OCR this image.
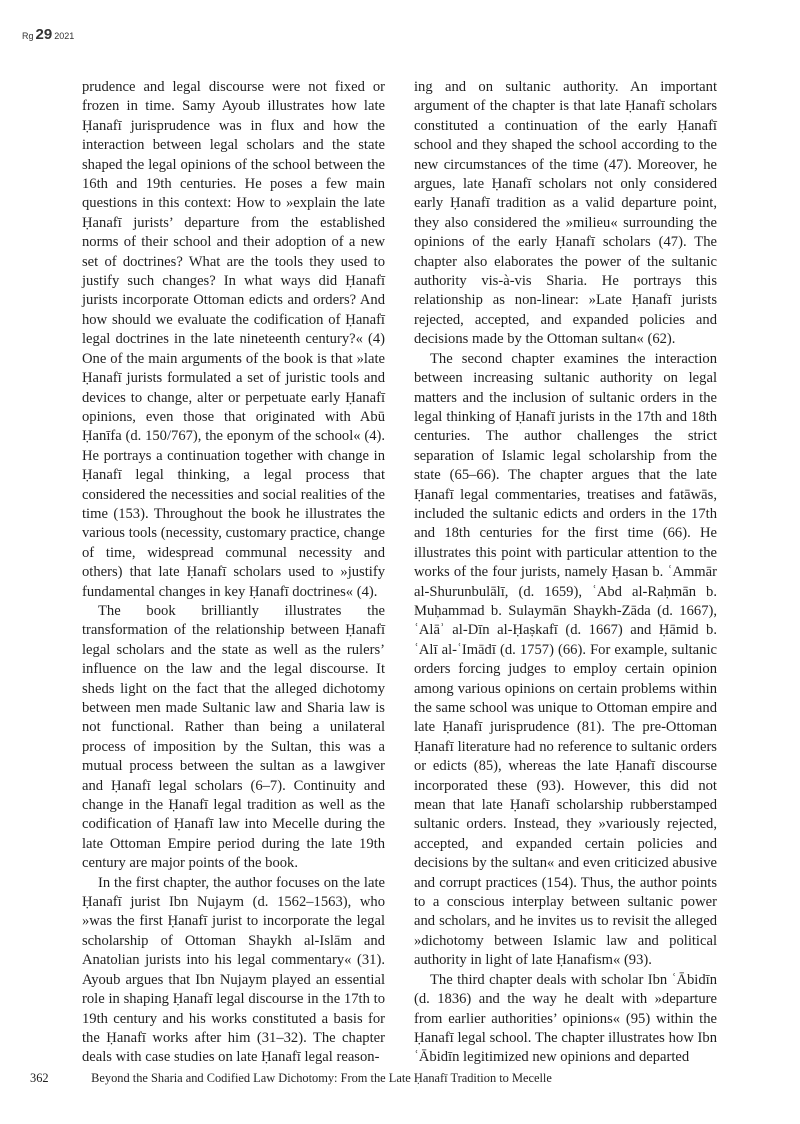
Rg 29 2021

prudence and legal discourse were not fixed or frozen in time. Samy Ayoub illustrates how late Ḥanafī jurisprudence was in flux and how the interaction between legal scholars and the state shaped the legal opinions of the school between the 16th and 19th centuries. He poses a few main questions in this context: How to »explain the late Ḥanafī jurists’ departure from the established norms of their school and their adoption of a new set of doctrines? What are the tools they used to justify such changes? In what ways did Ḥanafī jurists incorporate Ottoman edicts and orders? And how should we evaluate the codification of Ḥanafī legal doctrines in the late nineteenth century?« (4) One of the main arguments of the book is that »late Ḥanafī jurists formulated a set of juristic tools and devices to change, alter or perpetuate early Ḥanafī opinions, even those that originated with Abū Ḥanīfa (d. 150/767), the eponym of the school« (4). He portrays a continuation together with change in Ḥanafī legal thinking, a legal process that considered the necessities and social realities of the time (153). Throughout the book he illustrates the various tools (necessity, customary practice, change of time, widespread communal necessity and others) that late Ḥanafī scholars used to »justify fundamental changes in key Ḥanafī doctrines« (4).

The book brilliantly illustrates the transformation of the relationship between Ḥanafī legal scholars and the state as well as the rulers’ influence on the law and the legal discourse. It sheds light on the fact that the alleged dichotomy between men made Sultanic law and Sharia law is not functional. Rather than being a unilateral process of imposition by the Sultan, this was a mutual process between the sultan as a lawgiver and Ḥanafī legal scholars (6–7). Continuity and change in the Ḥanafī legal tradition as well as the codification of Ḥanafī law into Mecelle during the late Ottoman Empire period during the late 19th century are major points of the book.

In the first chapter, the author focuses on the late Ḥanafī jurist Ibn Nujaym (d. 1562–1563), who »was the first Ḥanafī jurist to incorporate the legal scholarship of Ottoman Shaykh al-Islām and Anatolian jurists into his legal commentary« (31). Ayoub argues that Ibn Nujaym played an essential role in shaping Ḥanafī legal discourse in the 17th to 19th century and his works constituted a basis for the Ḥanafī works after him (31–32). The chapter deals with case studies on late Ḥanafī legal reason-

ing and on sultanic authority. An important argument of the chapter is that late Ḥanafī scholars constituted a continuation of the early Ḥanafī school and they shaped the school according to the new circumstances of the time (47). Moreover, he argues, late Ḥanafī scholars not only considered early Ḥanafī tradition as a valid departure point, they also considered the »milieu« surrounding the opinions of the early Ḥanafī scholars (47). The chapter also elaborates the power of the sultanic authority vis-à-vis Sharia. He portrays this relationship as non-linear: »Late Ḥanafī jurists rejected, accepted, and expanded policies and decisions made by the Ottoman sultan« (62).

The second chapter examines the interaction between increasing sultanic authority on legal matters and the inclusion of sultanic orders in the legal thinking of Ḥanafī jurists in the 17th and 18th centuries. The author challenges the strict separation of Islamic legal scholarship from the state (65–66). The chapter argues that the late Ḥanafī legal commentaries, treatises and fatāwās, included the sultanic edicts and orders in the 17th and 18th centuries for the first time (66). He illustrates this point with particular attention to the works of the four jurists, namely Ḥasan b. ʿAmmār al-Shurunbulālī, (d. 1659), ʿAbd al-Raḥmān b. Muḥammad b. Sulaymān Shaykh-Zāda (d. 1667), ʿAlāʾ al-Dīn al-Ḥaṣkafī (d. 1667) and Ḥāmid b. ʿAlī al-ʿImādī (d. 1757) (66). For example, sultanic orders forcing judges to employ certain opinion among various opinions on certain problems within the same school was unique to Ottoman empire and late Ḥanafī jurisprudence (81). The pre-Ottoman Ḥanafī literature had no reference to sultanic orders or edicts (85), whereas the late Ḥanafī discourse incorporated these (93). However, this did not mean that late Ḥanafī scholarship rubberstamped sultanic orders. Instead, they »variously rejected, accepted, and expanded certain policies and decisions by the sultan« and even criticized abusive and corrupt practices (154). Thus, the author points to a conscious interplay between sultanic power and scholars, and he invites us to revisit the alleged »dichotomy between Islamic law and political authority in light of late Ḥanafism« (93).

The third chapter deals with scholar Ibn ʿĀbidīn (d. 1836) and the way he dealt with »departure from earlier authorities’ opinions« (95) within the Ḥanafī legal school. The chapter illustrates how Ibn ʿĀbidīn legitimized new opinions and departed

362	Beyond the Sharia and Codified Law Dichotomy: From the Late Ḥanafī Tradition to Mecelle
